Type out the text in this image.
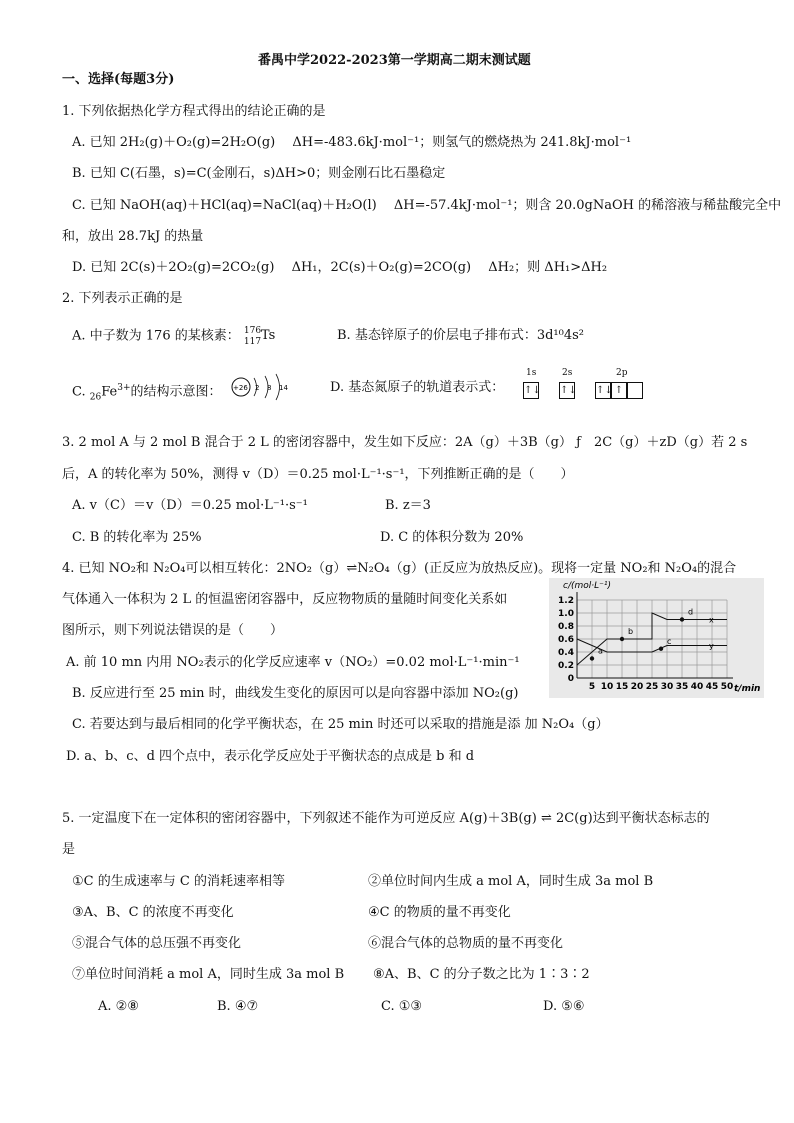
番禺中学2022-2023第一学期高二期末测试题
一、选择(每题3分)
1. 下列依据热化学方程式得出的结论正确的是
A. 已知 2H₂(g)＋O₂(g)=2H₂O(g)　 ΔH=-483.6kJ·mol⁻¹；则氢气的燃烧热为 241.8kJ·mol⁻¹
B. 已知 C(石墨，s)=C(金刚石，s)ΔH>0；则金刚石比石墨稳定
C. 已知 NaOH(aq)＋HCl(aq)=NaCl(aq)＋H₂O(l)　 ΔH=-57.4kJ·mol⁻¹；则含 20.0gNaOH 的稀溶液与稀盐酸完全中
和，放出 28.7kJ 的热量
D. 已知 2C(s)＋2O₂(g)=2CO₂(g)　 ΔH₁，2C(s)＋O₂(g)=2CO(g)　 ΔH₂；则 ΔH₁>ΔH₂
2. 下列表示正确的是
A. 中子数为 176 的某核素： 176
117 Ts	B. 基态锌原子的价层电子排布式：3d¹⁰4s²
C. $_{26}Fe^{3+}$的结构示意图： +26 2 8 14	D. 基态氮原子的轨道表示式：
1s	2s	2p
↑↓ ↑↓ ↑↓ ↑
3. 2 mol A 与 2 mol B 混合于 2 L 的密闭容器中，发生如下反应：2A（g）＋3B（g） ƒ　2C（g）＋zD（g）若 2 s
后，A 的转化率为 50%，测得 v（D）＝0.25 mol·L⁻¹·s⁻¹，下列推断正确的是（　　）
A. v（C）＝v（D）＝0.25 mol·L⁻¹·s⁻¹	B. z＝3
C. B 的转化率为 25%	D. C 的体积分数为 20%
4. 已知 NO₂和 N₂O₄可以相互转化：2NO₂（g）⇌N₂O₄（g）(正反应为放热反应)。现将一定量 NO₂和 N₂O₄的混合
气体通入一体积为 2 L 的恒温密闭容器中，反应物物质的量随时间变化关系如
图所示，则下列说法错误的是（　　）
A. 前 10 mn 内用 NO₂表示的化学反应速率 v（NO₂）=0.02 mol·L⁻¹·min⁻¹
B. 反应进行至 25 min 时，曲线发生变化的原因可以是向容器中添加 NO₂(g)
C. 若要达到与最后相同的化学平衡状态，在 25 min 时还可以采取的措施是添 加 N₂O₄（g）
D. a、b、c、d 四个点中，表示化学反应处于平衡状态的点成是 b 和 d
1.2
1.0
0.8
0.6
0.4
0.2
0
5 10 15 20 25 30 35 40 45 50
x
y
a
b
c
d
c/(mol·L⁻¹)
t/min
5. 一定温度下在一定体积的密闭容器中，下列叙述不能作为可逆反应 A(g)＋3B(g) ⇌ 2C(g)达到平衡状态标志的
是
①C 的生成速率与 C 的消耗速率相等	②单位时间内生成 a mol A，同时生成 3a mol B
③A、B、C 的浓度不再变化	④C 的物质的量不再变化
⑤混合气体的总压强不再变化	⑥混合气体的总物质的量不再变化
⑦单位时间消耗 a mol A，同时生成 3a mol B ⑧A、B、C 的分子数之比为 1∶3∶2
A. ②⑧	B. ④⑦	C. ①③	D. ⑤⑥
